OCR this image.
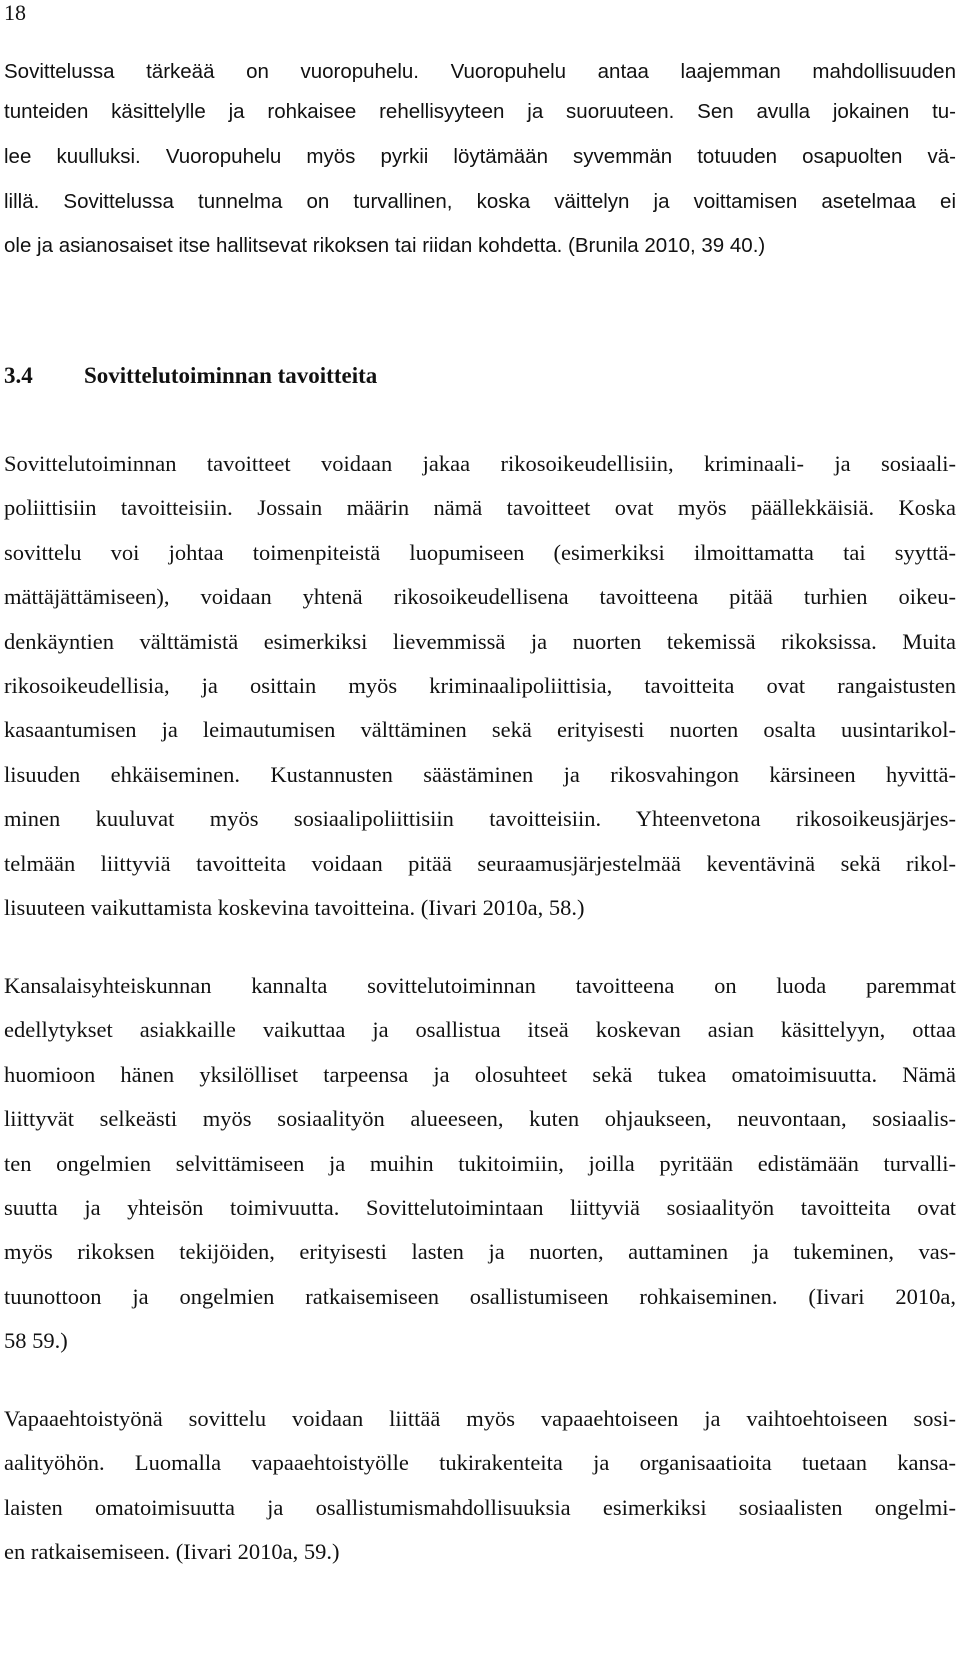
18
Sovittelussa tärkeää on vuoropuhelu. Vuoropuhelu antaa laajemman mahdollisuuden
tunteiden käsittelylle ja rohkaisee rehellisyyteen ja suoruuteen. Sen avulla jokainen tu-
lee kuulluksi. Vuoropuhelu myös pyrkii löytämään syvemmän totuuden osapuolten vä-
lillä. Sovittelussa tunnelma on turvallinen, koska väittelyn ja voittamisen asetelmaa ei
ole ja asianosaiset itse hallitsevat rikoksen tai riidan kohdetta. (Brunila 2010, 39 40.)
3.4 Sovittelutoiminnan tavoitteita
Sovittelutoiminnan tavoitteet voidaan jakaa rikosoikeudellisiin, kriminaali- ja sosiaali-
poliittisiin tavoitteisiin. Jossain määrin nämä tavoitteet ovat myös päällekkäisiä. Koska
sovittelu voi johtaa toimenpiteistä luopumiseen (esimerkiksi ilmoittamatta tai syyttä-
mättäjättämiseen), voidaan yhtenä rikosoikeudellisena tavoitteena pitää turhien oikeu-
denkäyntien välttämistä esimerkiksi lievemmissä ja nuorten tekemissä rikoksissa. Muita
rikosoikeudellisia, ja osittain myös kriminaalipoliittisia, tavoitteita ovat rangaistusten
kasaantumisen ja leimautumisen välttäminen sekä erityisesti nuorten osalta uusintarikol-
lisuuden ehkäiseminen. Kustannusten säästäminen ja rikosvahingon kärsineen hyvittä-
minen kuuluvat myös sosiaalipoliittisiin tavoitteisiin. Yhteenvetona rikosoikeusjärjes-
telmään liittyviä tavoitteita voidaan pitää seuraamusjärjestelmää keventävinä sekä rikol-
lisuuteen vaikuttamista koskevina tavoitteina. (Iivari 2010a, 58.)
Kansalaisyhteiskunnan kannalta sovittelutoiminnan tavoitteena on luoda paremmat
edellytykset asiakkaille vaikuttaa ja osallistua itseä koskevan asian käsittelyyn, ottaa
huomioon hänen yksilölliset tarpeensa ja olosuhteet sekä tukea omatoimisuutta. Nämä
liittyvät selkeästi myös sosiaalityön alueeseen, kuten ohjaukseen, neuvontaan, sosiaalis-
ten ongelmien selvittämiseen ja muihin tukitoimiin, joilla pyritään edistämään turvalli-
suutta ja yhteisön toimivuutta. Sovittelutoimintaan liittyviä sosiaalityön tavoitteita ovat
myös rikoksen tekijöiden, erityisesti lasten ja nuorten, auttaminen ja tukeminen, vas-
tuunottoon ja ongelmien ratkaisemiseen osallistumiseen rohkaiseminen. (Iivari 2010a,
58 59.)
Vapaaehtoistyönä sovittelu voidaan liittää myös vapaaehtoiseen ja vaihtoehtoiseen sosi-
aalityöhön. Luomalla vapaaehtoistyölle tukirakenteita ja organisaatioita tuetaan kansa-
laisten omatoimisuutta ja osallistumismahdollisuuksia esimerkiksi sosiaalisten ongelmi-
en ratkaisemiseen. (Iivari 2010a, 59.)
